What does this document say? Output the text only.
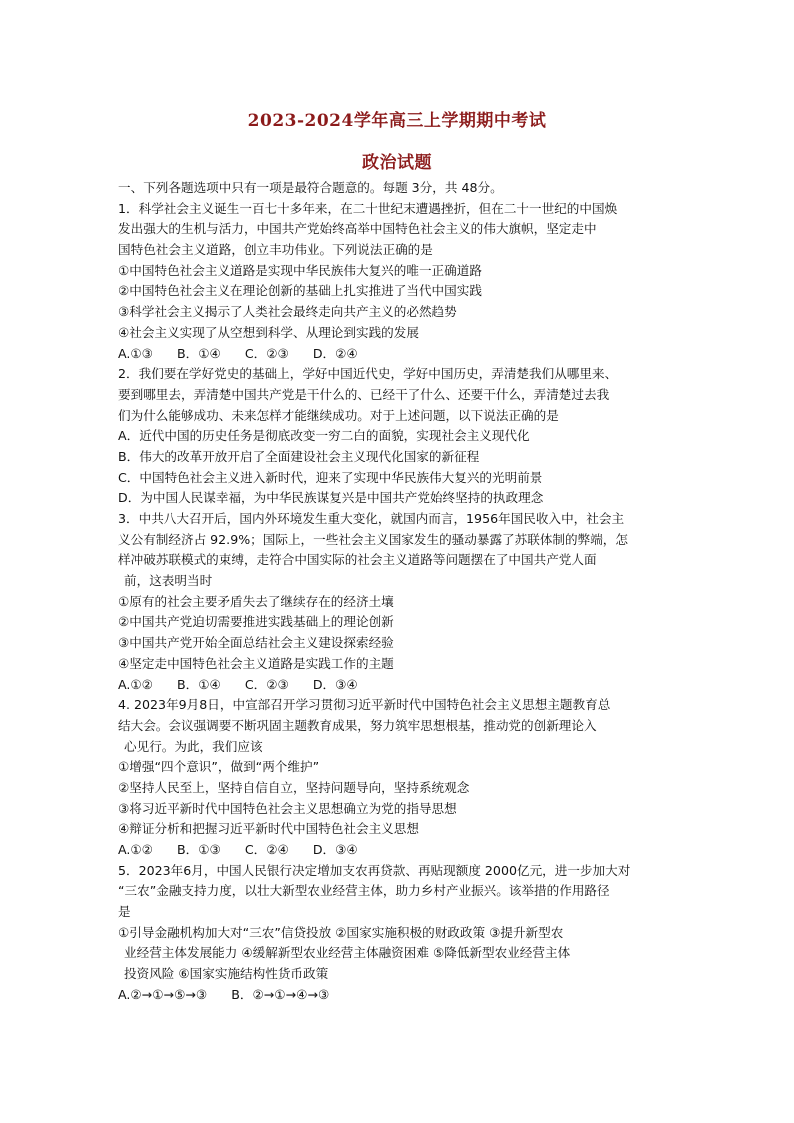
2023-2024学年高三上学期期中考试
政治试题
一、下列各题选项中只有一项是最符合题意的。每题 3分，共 48分。
1．科学社会主义诞生一百七十多年来，在二十世纪末遭遇挫折，但在二十一世纪的中国焕
发出强大的生机与活力，中国共产党始终高举中国特色社会主义的伟大旗帜，坚定走中
国特色社会主义道路，创立丰功伟业。下列说法正确的是
①中国特色社会主义道路是实现中华民族伟大复兴的唯一正确道路
②中国特色社会主义在理论创新的基础上扎实推进了当代中国实践
③科学社会主义揭示了人类社会最终走向共产主义的必然趋势
④社会主义实现了从空想到科学、从理论到实践的发展
A.①③ B．①④ C．②③ D．②④
2．我们要在学好党史的基础上，学好中国近代史，学好中国历史，弄清楚我们从哪里来、
要到哪里去，弄清楚中国共产党是干什么的、已经干了什么、还要干什么，弄清楚过去我
们为什么能够成功、未来怎样才能继续成功。对于上述问题，以下说法正确的是
A．近代中国的历史任务是彻底改变一穷二白的面貌，实现社会主义现代化
B．伟大的改革开放开启了全面建设社会主义现代化国家的新征程
C．中国特色社会主义进入新时代，迎来了实现中华民族伟大复兴的光明前景
D．为中国人民谋幸福，为中华民族谋复兴是中国共产党始终坚持的执政理念
3．中共八大召开后，国内外环境发生重大变化，就国内而言，1956年国民收入中，社会主
义公有制经济占 92.9%；国际上，一些社会主义国家发生的骚动暴露了苏联体制的弊端，怎
样冲破苏联模式的束缚，走符合中国实际的社会主义道路等问题摆在了中国共产党人面
前，这表明当时
①原有的社会主要矛盾失去了继续存在的经济土壤
②中国共产党迫切需要推进实践基础上的理论创新
③中国共产党开始全面总结社会主义建设探索经验
④坚定走中国特色社会主义道路是实践工作的主题
A.①② B．①④ C．②③ D．③④
4. 2023年9月8日，中宣部召开学习贯彻习近平新时代中国特色社会主义思想主题教育总
结大会。会议强调要不断巩固主题教育成果，努力筑牢思想根基，推动党的创新理论入
心见行。为此，我们应该
①增强“四个意识”，做到“两个维护”
②坚持人民至上，坚持自信自立，坚持问题导向，坚持系统观念
③将习近平新时代中国特色社会主义思想确立为党的指导思想
④辩证分析和把握习近平新时代中国特色社会主义思想
A.①② B．①③ C．②④ D．③④
5．2023年6月，中国人民银行决定增加支农再贷款、再贴现额度 2000亿元，进一步加大对
“三农”金融支持力度，以壮大新型农业经营主体，助力乡村产业振兴。该举措的作用路径
是
①引导金融机构加大对“三农”信贷投放 ②国家实施积极的财政政策 ③提升新型农
业经营主体发展能力 ④缓解新型农业经营主体融资困难 ⑤降低新型农业经营主体
投资风险 ⑥国家实施结构性货币政策
A.②→①→⑤→③ B．②→①→④→③
